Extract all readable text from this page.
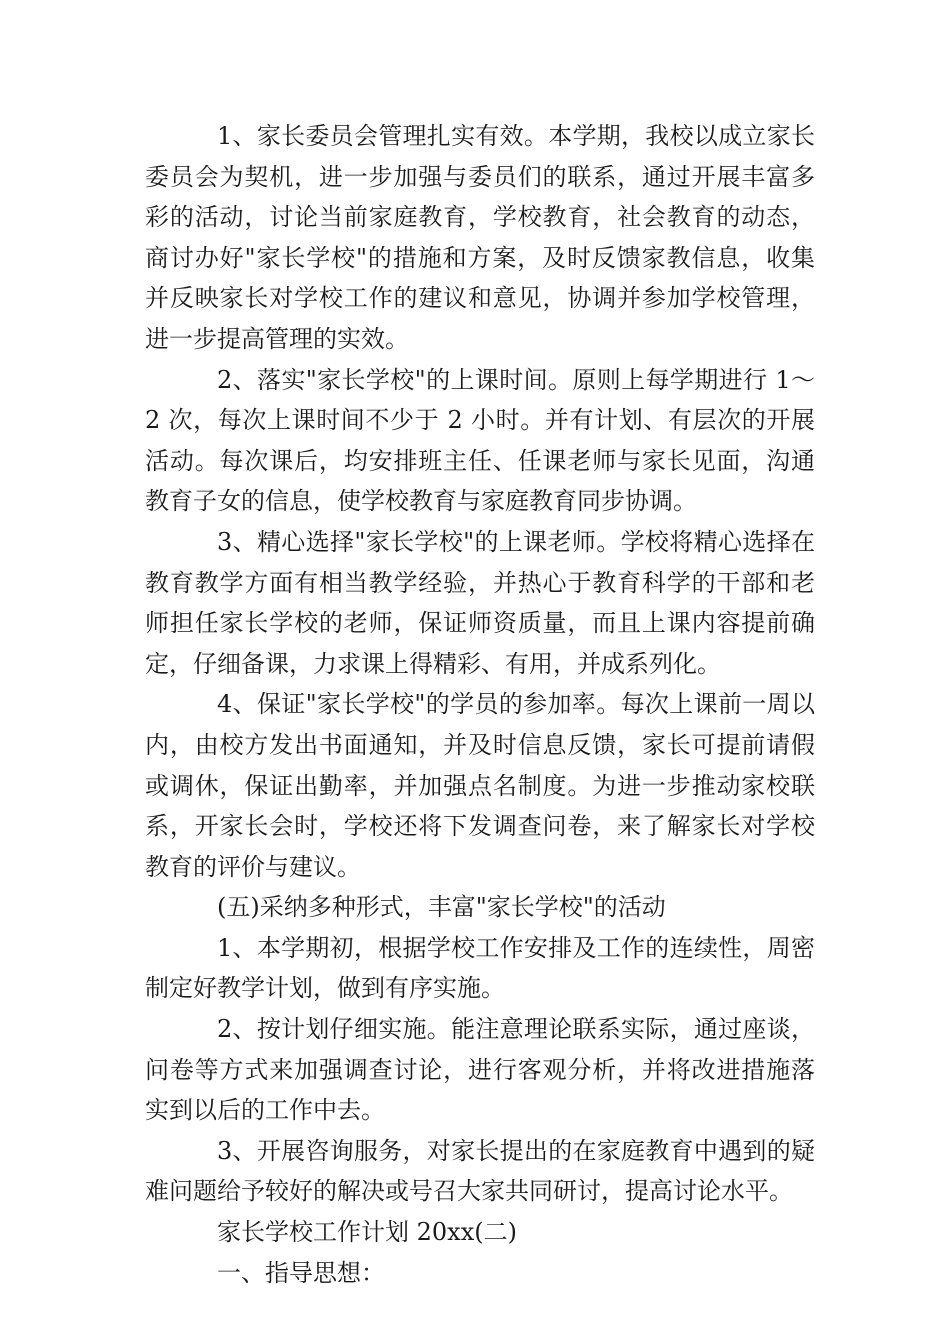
1、家长委员会管理扎实有效。本学期，我校以成立家长委员会为契机，进一步加强与委员们的联系，通过开展丰富多彩的活动，讨论当前家庭教育，学校教育，社会教育的动态，商讨办好"家长学校"的措施和方案，及时反馈家教信息，收集并反映家长对学校工作的建议和意见，协调并参加学校管理，进一步提高管理的实效。

2、落实"家长学校"的上课时间。原则上每学期进行 1～2 次，每次上课时间不少于 2 小时。并有计划、有层次的开展活动。每次课后，均安排班主任、任课老师与家长见面，沟通教育子女的信息，使学校教育与家庭教育同步协调。

3、精心选择"家长学校"的上课老师。学校将精心选择在教育教学方面有相当教学经验，并热心于教育科学的干部和老师担任家长学校的老师，保证师资质量，而且上课内容提前确定，仔细备课，力求课上得精彩、有用，并成系列化。

4、保证"家长学校"的学员的参加率。每次上课前一周以内，由校方发出书面通知，并及时信息反馈，家长可提前请假或调休，保证出勤率，并加强点名制度。为进一步推动家校联系，开家长会时，学校还将下发调查问卷，来了解家长对学校教育的评价与建议。

(五)采纳多种形式，丰富"家长学校"的活动

1、本学期初，根据学校工作安排及工作的连续性，周密制定好教学计划，做到有序实施。

2、按计划仔细实施。能注意理论联系实际，通过座谈，问卷等方式来加强调查讨论，进行客观分析，并将改进措施落实到以后的工作中去。

3、开展咨询服务，对家长提出的在家庭教育中遇到的疑难问题给予较好的解决或号召大家共同研讨，提高讨论水平。

家长学校工作计划 20xx(二)

一、指导思想：
